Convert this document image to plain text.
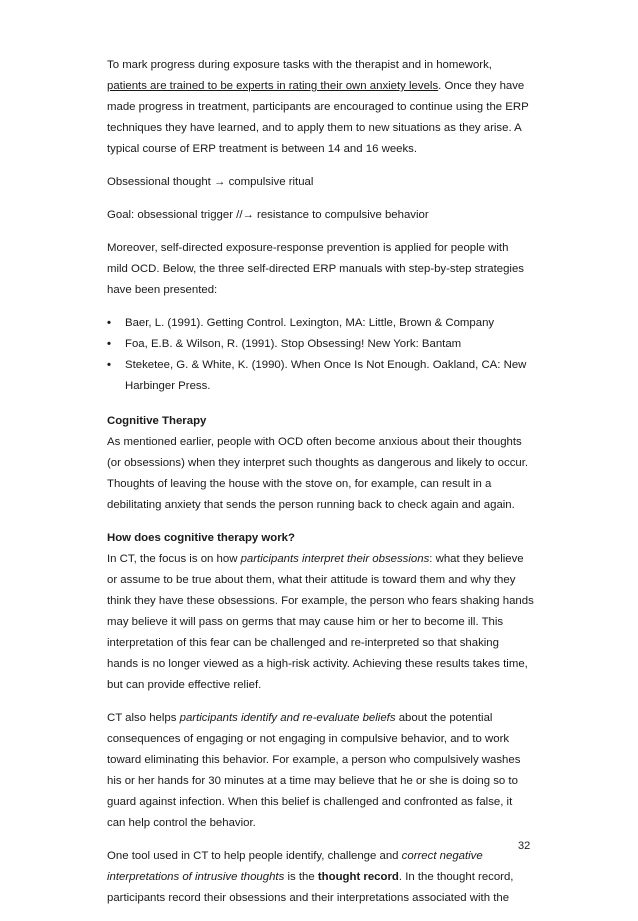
To mark progress during exposure tasks with the therapist and in homework,
patients are trained to be experts in rating their own anxiety levels. Once they have
made progress in treatment, participants are encouraged to continue using the ERP
techniques they have learned, and to apply them to new situations as they arise. A
typical course of ERP treatment is between 14 and 16 weeks.

Obsessional thought → compulsive ritual

Goal: obsessional trigger //→ resistance to compulsive behavior

Moreover, self-directed exposure-response prevention is applied for people with
mild OCD. Below, the three self-directed ERP manuals with step-by-step strategies
have been presented:

• Baer, L. (1991). Getting Control. Lexington, MA: Little, Brown & Company
• Foa, E.B. & Wilson, R. (1991). Stop Obsessing! New York: Bantam
• Steketee, G. & White, K. (1990). When Once Is Not Enough. Oakland, CA: New
Harbinger Press.

Cognitive Therapy
As mentioned earlier, people with OCD often become anxious about their thoughts
(or obsessions) when they interpret such thoughts as dangerous and likely to occur.
Thoughts of leaving the house with the stove on, for example, can result in a
debilitating anxiety that sends the person running back to check again and again.

How does cognitive therapy work?
In CT, the focus is on how participants interpret their obsessions: what they believe
or assume to be true about them, what their attitude is toward them and why they
think they have these obsessions. For example, the person who fears shaking hands
may believe it will pass on germs that may cause him or her to become ill. This
interpretation of this fear can be challenged and re-interpreted so that shaking
hands is no longer viewed as a high-risk activity. Achieving these results takes time,
but can provide effective relief.

CT also helps participants identify and re-evaluate beliefs about the potential
consequences of engaging or not engaging in compulsive behavior, and to work
toward eliminating this behavior. For example, a person who compulsively washes
his or her hands for 30 minutes at a time may believe that he or she is doing so to
guard against infection. When this belief is challenged and confronted as false, it
can help control the behavior.

One tool used in CT to help people identify, challenge and correct negative
interpretations of intrusive thoughts is the thought record. In the thought record,
participants record their obsessions and their interpretations associated with the

32
